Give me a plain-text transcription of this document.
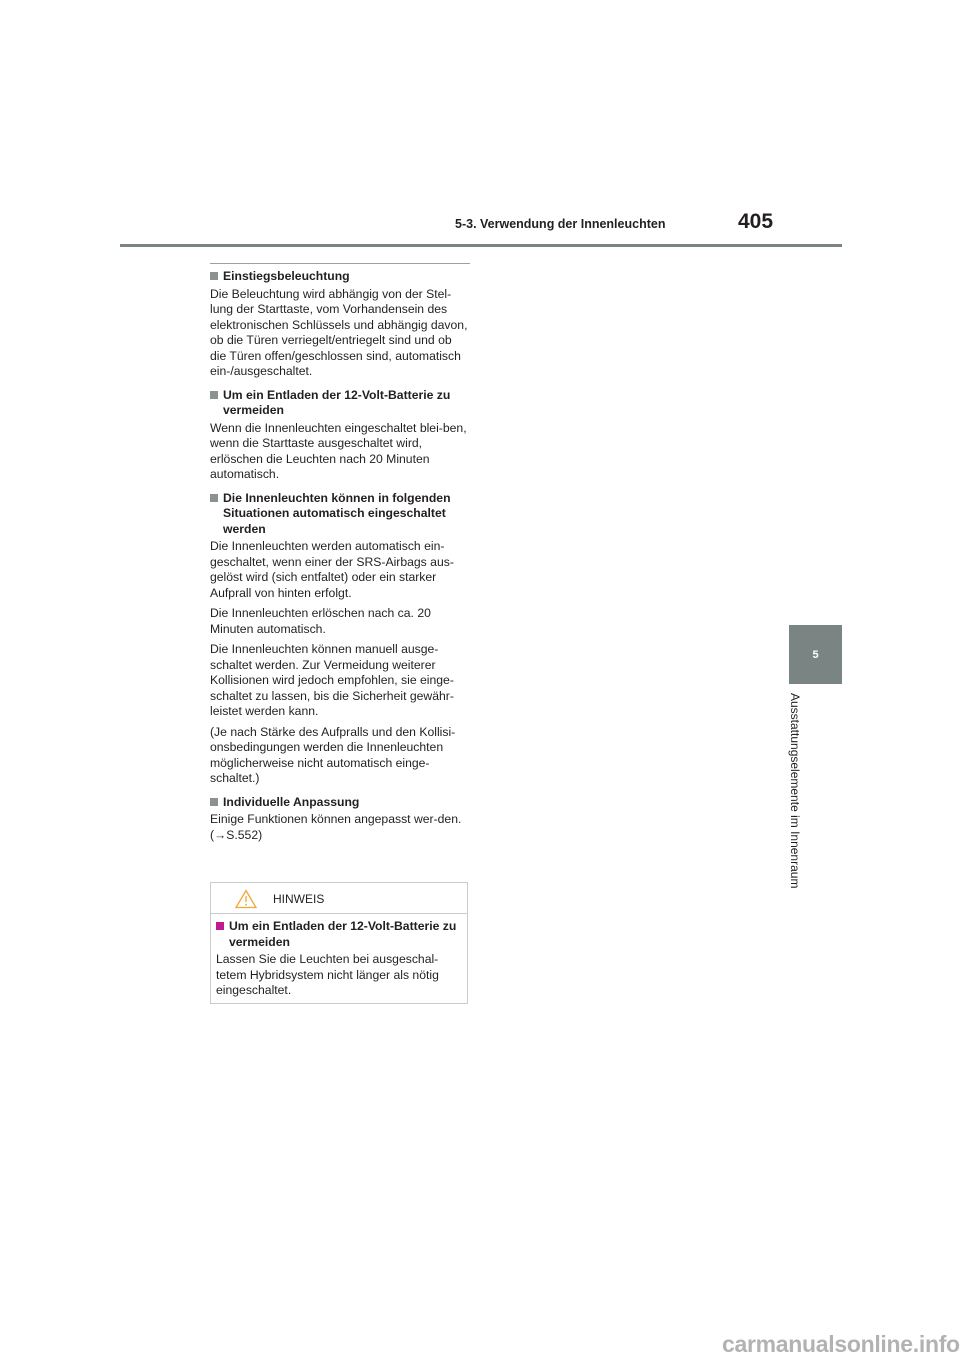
5-3. Verwendung der Innenleuchten	405
5
Ausstattungselemente im Innenraum
Einstiegsbeleuchtung

Die Beleuchtung wird abhängig von der Stel-lung der Starttaste, vom Vorhandensein des elektronischen Schlüssels und abhängig davon, ob die Türen verriegelt/entriegelt sind und ob die Türen offen/geschlossen sind, automatisch ein-/ausgeschaltet.

Um ein Entladen der 12-Volt-Batterie zu vermeiden

Wenn die Innenleuchten eingeschaltet blei-ben, wenn die Starttaste ausgeschaltet wird, erlöschen die Leuchten nach 20 Minuten automatisch.

Die Innenleuchten können in folgenden Situationen automatisch eingeschaltet werden

Die Innenleuchten werden automatisch ein-geschaltet, wenn einer der SRS-Airbags aus-gelöst wird (sich entfaltet) oder ein starker Aufprall von hinten erfolgt.

Die Innenleuchten erlöschen nach ca. 20 Minuten automatisch.

Die Innenleuchten können manuell ausge-schaltet werden. Zur Vermeidung weiterer Kollisionen wird jedoch empfohlen, sie einge-schaltet zu lassen, bis die Sicherheit gewähr-leistet werden kann.

(Je nach Stärke des Aufpralls und den Kollisi-onsbedingungen werden die Innenleuchten möglicherweise nicht automatisch einge-schaltet.)

Individuelle Anpassung

Einige Funktionen können angepasst wer-den. (→S.552)

HINWEIS
Um ein Entladen der 12-Volt-Batterie zu vermeiden

Lassen Sie die Leuchten bei ausgeschal-tetem Hybridsystem nicht länger als nötig eingeschaltet.

carmanualsonline.info
